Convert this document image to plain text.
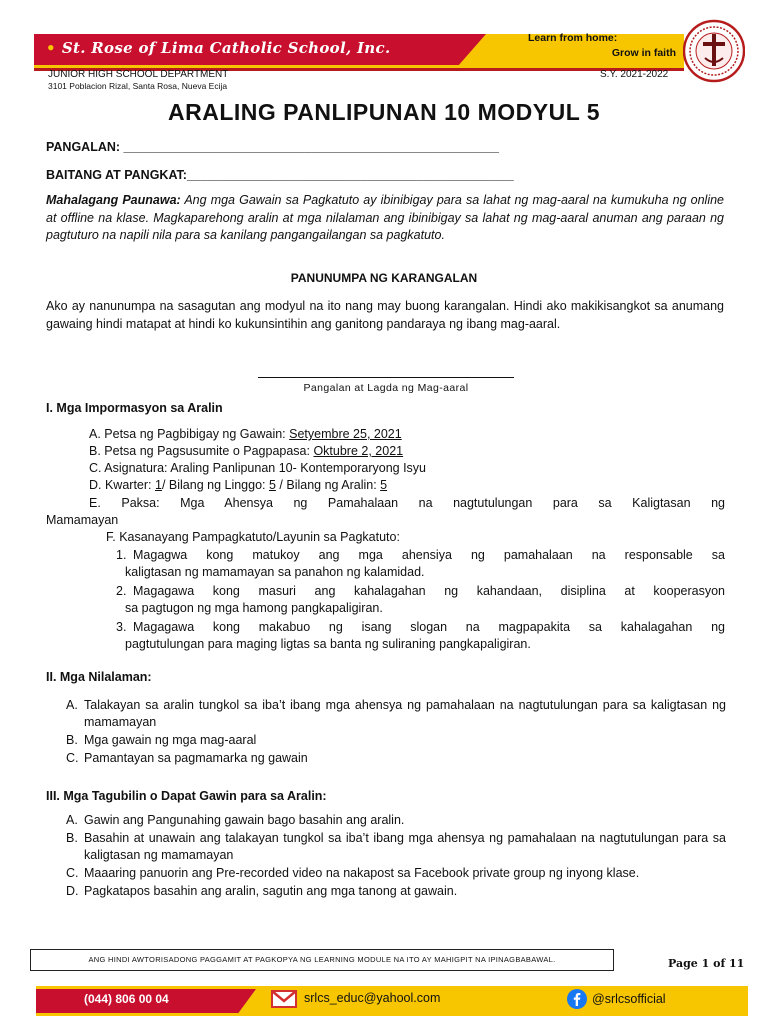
• St. Rose of Lima Catholic School, Inc.
Learn from home:
Grow in faith
JUNIOR HIGH SCHOOL DEPARTMENT
3101 Poblacion Rizal, Santa Rosa, Nueva Ecija
S.Y. 2021-2022
ARALING PANLIPUNAN 10 MODYUL 5
PANGALAN: ______________________________________________________
BAITANG AT PANGKAT:_______________________________________________
Mahalagang Paunawa: Ang mga Gawain sa Pagkatuto ay ibinibigay para sa lahat ng mag-aaral na kumukuha ng online at offline na klase. Magkaparehong aralin at mga nilalaman ang ibinibigay sa lahat ng mag-aaral anuman ang paraan ng pagtuturo na napili nila para sa kanilang pangangailangan sa pagkatuto.
PANUNUMPA NG KARANGALAN
Ako ay nanunumpa na sasagutan ang modyul na ito nang may buong karangalan. Hindi ako makikisangkot sa anumang gawaing hindi matapat at hindi ko kukunsintihin ang ganitong pandaraya ng ibang mag-aaral.
Pangalan at Lagda ng Mag-aaral
I. Mga Impormasyon sa Aralin
A. Petsa ng Pagbibigay ng Gawain: Setyembre 25, 2021
B. Petsa ng Pagsusumite o Pagpapasa: Oktubre 2, 2021
C. Asignatura: Araling Panlipunan 10- Kontemporaryong Isyu
D. Kwarter: 1/ Bilang ng Linggo: 5 / Bilang ng Aralin: 5
E. Paksa: Mga Ahensya ng Pamahalaan na nagtutulungan para sa Kaligtasan ng
Mamamayan
F. Kasanayang Pampagkatuto/Layunin sa Pagkatuto:
1. Magagwa kong matukoy ang mga ahensiya ng pamahalaan na responsable sa
kaligtasan ng mamamayan sa panahon ng kalamidad.
2. Magagawa kong masuri ang kahalagahan ng kahandaan, disiplina at kooperasyon
sa pagtugon ng mga hamong pangkapaligiran.
3. Magagawa kong makabuo ng isang slogan na magpapakita sa kahalagahan ng
pagtutulungan para maging ligtas sa banta ng suliraning pangkapaligiran.
II. Mga Nilalaman:
A. Talakayan sa aralin tungkol sa iba’t ibang mga ahensya ng pamahalaan na nagtutulungan para sa kaligtasan ng mamamayan
B. Mga gawain ng mga mag-aaral
C. Pamantayan sa pagmamarka ng gawain
III. Mga Tagubilin o Dapat Gawin para sa Aralin:
A. Gawin ang Pangunahing gawain bago basahin ang aralin.
B. Basahin at unawain ang talakayan tungkol sa iba’t ibang mga ahensya ng pamahalaan na nagtutulungan para sa kaligtasan ng mamamayan
C. Maaaring panuorin ang Pre-recorded video na nakapost sa Facebook private group ng inyong klase.
D. Pagkatapos basahin ang aralin, sagutin ang mga tanong at gawain.
ANG HINDI AWTORISADONG PAGGAMIT AT PAGKOPYA NG LEARNING MODULE NA ITO AY MAHIGPIT NA IPINAGBABAWAL.	Page 1 of 11
(044) 806 00 04	srlcs_educ@yahool.com	@srlcsofficial
